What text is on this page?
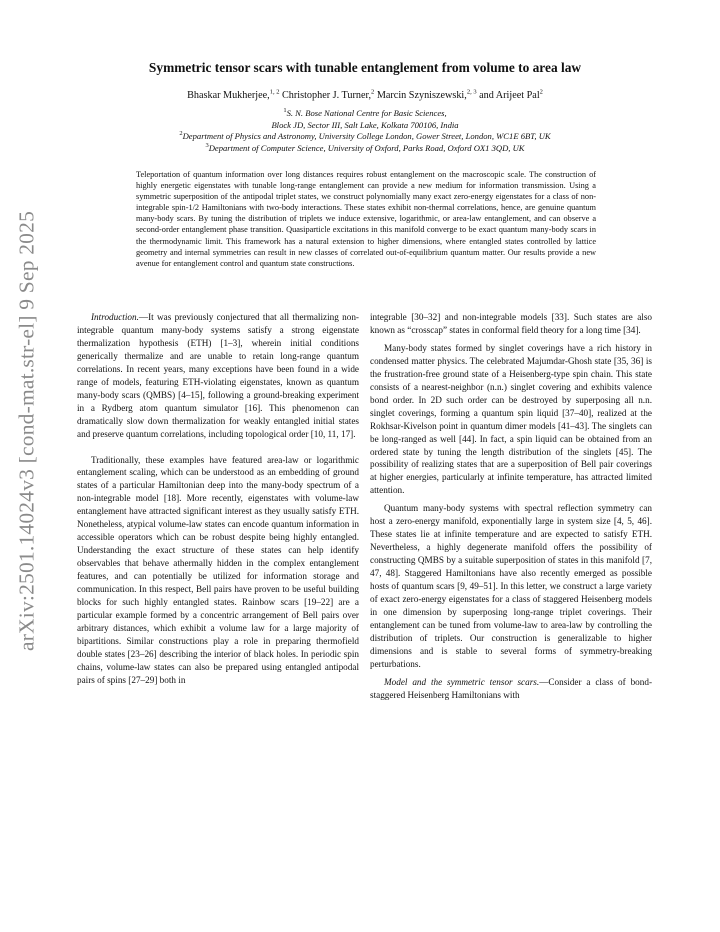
arXiv:2501.14024v3 [cond-mat.str-el] 9 Sep 2025
Symmetric tensor scars with tunable entanglement from volume to area law
Bhaskar Mukherjee,$^{1, 2}$ Christopher J. Turner,$^2$ Marcin Szyniszewski,$^{2, 3}$ and Arijeet Pal$^2$
$^1$S. N. Bose National Centre for Basic Sciences,
Block JD, Sector III, Salt Lake, Kolkata 700106, India
$^2$Department of Physics and Astronomy, University College London, Gower Street, London, WC1E 6BT, UK
$^3$Department of Computer Science, University of Oxford, Parks Road, Oxford OX1 3QD, UK
Teleportation of quantum information over long distances requires robust entanglement on the macroscopic scale. The construction of highly energetic eigenstates with tunable long-range entanglement can provide a new medium for information transmission. Using a symmetric superposition of the antipodal triplet states, we construct polynomially many exact zero-energy eigenstates for a class of non-integrable spin-1/2 Hamiltonians with two-body interactions. These states exhibit non-thermal correlations, hence, are genuine quantum many-body scars. By tuning the distribution of triplets we induce extensive, logarithmic, or area-law entanglement, and can observe a second-order entanglement phase transition. Quasiparticle excitations in this manifold converge to be exact quantum many-body scars in the thermodynamic limit. This framework has a natural extension to higher dimensions, where entangled states controlled by lattice geometry and internal symmetries can result in new classes of correlated out-of-equilibrium quantum matter. Our results provide a new avenue for entanglement control and quantum state constructions.

Introduction.—It was previously conjectured that all thermalizing non-integrable quantum many-body systems satisfy a strong eigenstate thermalization hypothesis (ETH) [1–3], wherein initial conditions generically thermalize and are unable to retain long-range quantum correlations. In recent years, many exceptions have been found in a wide range of models, featuring ETH-violating eigenstates, known as quantum many-body scars (QMBS) [4–15], following a ground-breaking experiment in a Rydberg atom quantum simulator [16]. This phenomenon can dramatically slow down thermalization for weakly entangled initial states and preserve quantum correlations, including topological order [10, 11, 17].

Traditionally, these examples have featured area-law or logarithmic entanglement scaling, which can be understood as an embedding of ground states of a particular Hamiltonian deep into the many-body spectrum of a non-integrable model [18]. More recently, eigenstates with volume-law entanglement have attracted significant interest as they usually satisfy ETH. Nonetheless, atypical volume-law states can encode quantum information in accessible operators which can be robust despite being highly entangled. Understanding the exact structure of these states can help identify observables that behave athermally hidden in the complex entanglement features, and can potentially be utilized for information storage and communication. In this respect, Bell pairs have proven to be useful building blocks for such highly entangled states. Rainbow scars [19–22] are a particular example formed by a concentric arrangement of Bell pairs over arbitrary distances, which exhibit a volume law for a large majority of bipartitions. Similar constructions play a role in preparing thermofield double states [23–26] describing the interior of black holes. In periodic spin chains, volume-law states can also be prepared using entangled antipodal pairs of spins [27–29] both in

integrable [30–32] and non-integrable models [33]. Such states are also known as “crosscap” states in conformal field theory for a long time [34].

Many-body states formed by singlet coverings have a rich history in condensed matter physics. The celebrated Majumdar-Ghosh state [35, 36] is the frustration-free ground state of a Heisenberg-type spin chain. This state consists of a nearest-neighbor (n.n.) singlet covering and exhibits valence bond order. In 2D such order can be destroyed by superposing all n.n. singlet coverings, forming a quantum spin liquid [37–40], realized at the Rokhsar-Kivelson point in quantum dimer models [41–43]. The singlets can be long-ranged as well [44]. In fact, a spin liquid can be obtained from an ordered state by tuning the length distribution of the singlets [45]. The possibility of realizing states that are a superposition of Bell pair coverings at higher energies, particularly at infinite temperature, has attracted limited attention.

Quantum many-body systems with spectral reflection symmetry can host a zero-energy manifold, exponentially large in system size [4, 5, 46]. These states lie at infinite temperature and are expected to satisfy ETH. Nevertheless, a highly degenerate manifold offers the possibility of constructing QMBS by a suitable superposition of states in this manifold [7, 47, 48]. Staggered Hamiltonians have also recently emerged as possible hosts of quantum scars [9, 49–51]. In this letter, we construct a large variety of exact zero-energy eigenstates for a class of staggered Heisenberg models in one dimension by superposing long-range triplet coverings. Their entanglement can be tuned from volume-law to area-law by controlling the distribution of triplets. Our construction is generalizable to higher dimensions and is stable to several forms of symmetry-breaking perturbations.

Model and the symmetric tensor scars.—Consider a class of bond-staggered Heisenberg Hamiltonians with
